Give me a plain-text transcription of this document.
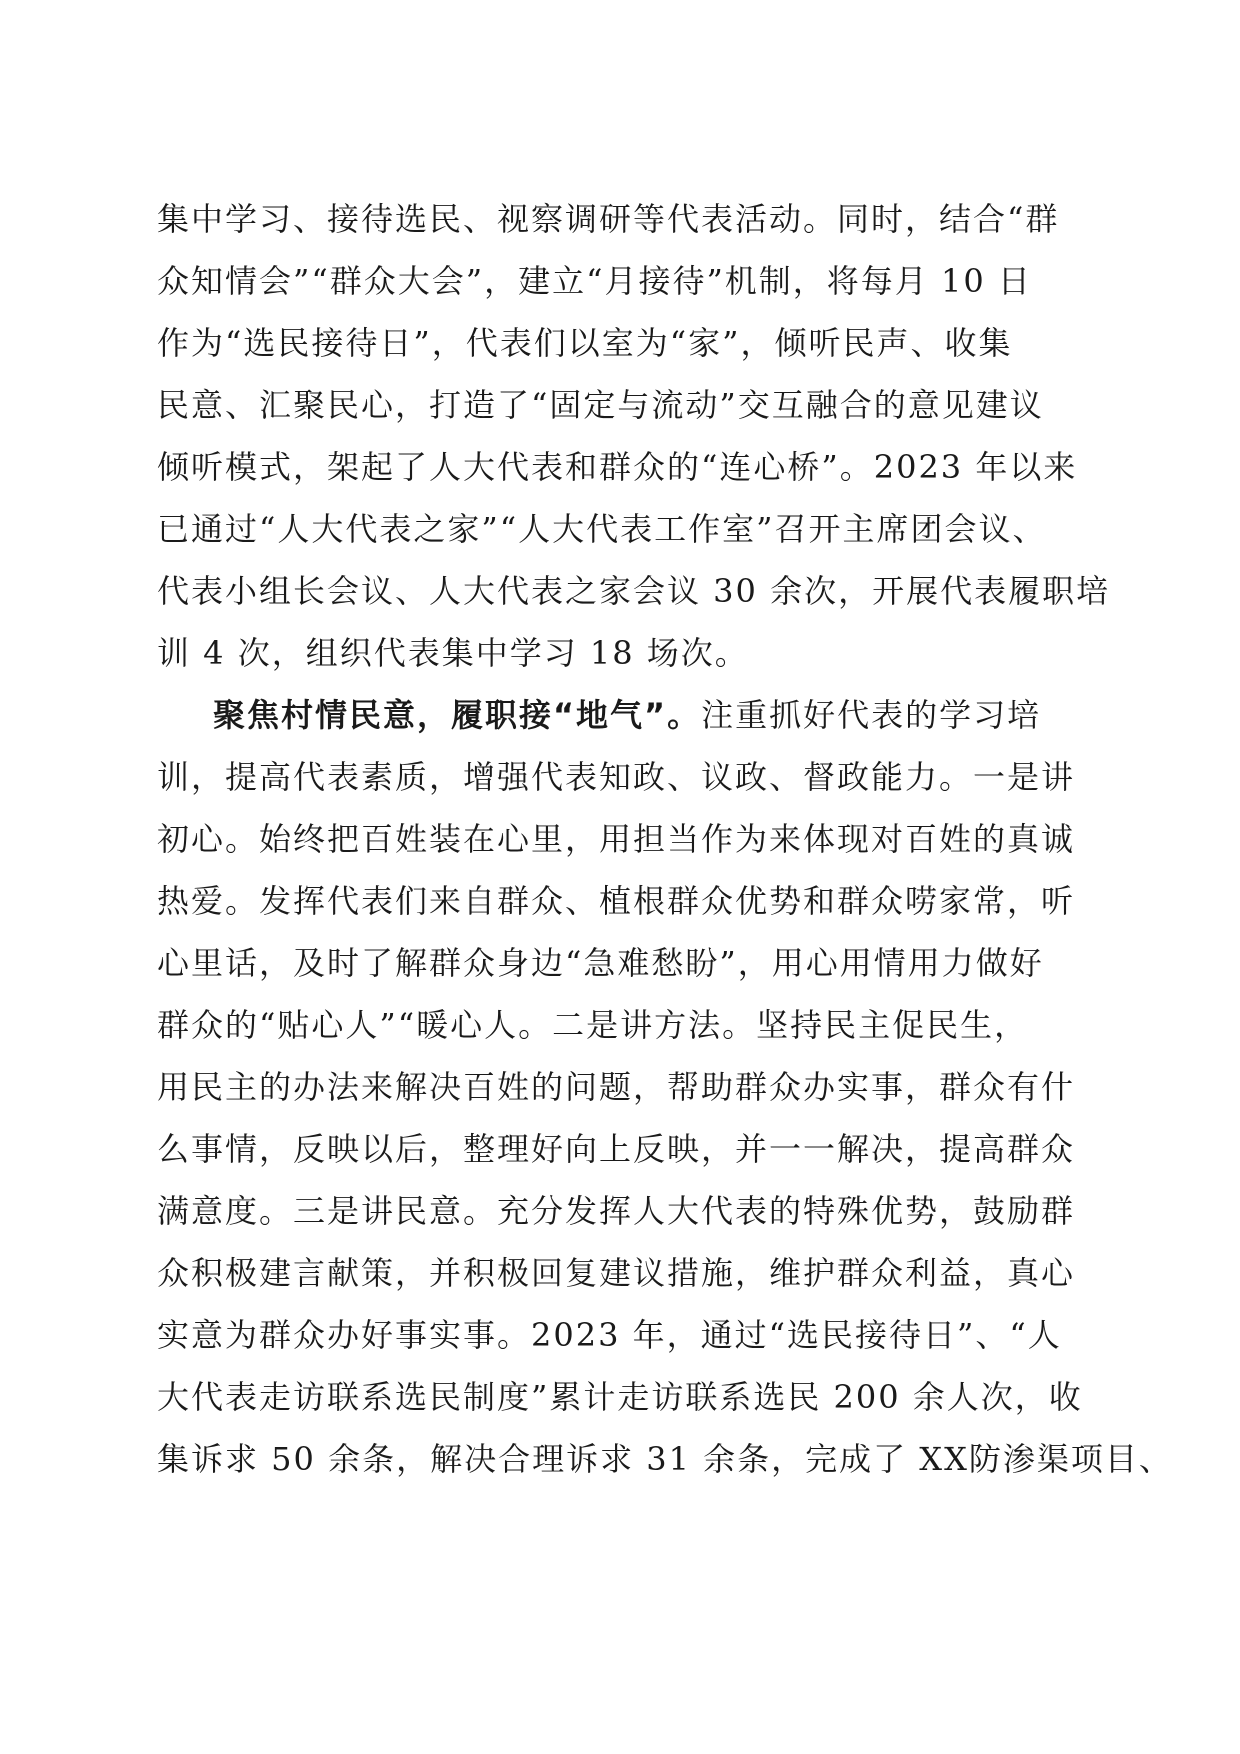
集中学习、接待选民、视察调研等代表活动。同时，结合“群
众知情会”“群众大会”，建立“月接待”机制，将每月 10 日
作为“选民接待日”，代表们以室为“家”，倾听民声、收集
民意、汇聚民心，打造了“固定与流动”交互融合的意见建议
倾听模式，架起了人大代表和群众的“连心桥”。2023 年以来
已通过“人大代表之家”“人大代表工作室”召开主席团会议、
代表小组长会议、人大代表之家会议 30 余次，开展代表履职培
训 4 次，组织代表集中学习 18 场次。
聚焦村情民意，履职接“地气”。注重抓好代表的学习培
训，提高代表素质，增强代表知政、议政、督政能力。一是讲
初心。始终把百姓装在心里，用担当作为来体现对百姓的真诚
热爱。发挥代表们来自群众、植根群众优势和群众唠家常，听
心里话，及时了解群众身边“急难愁盼”，用心用情用力做好
群众的“贴心人”“暖心人。二是讲方法。坚持民主促民生，
用民主的办法来解决百姓的问题，帮助群众办实事，群众有什
么事情，反映以后，整理好向上反映，并一一解决，提高群众
满意度。三是讲民意。充分发挥人大代表的特殊优势，鼓励群
众积极建言献策，并积极回复建议措施，维护群众利益，真心
实意为群众办好事实事。2023 年，通过“选民接待日”、“人
大代表走访联系选民制度”累计走访联系选民 200 余人次，收
集诉求 50 余条，解决合理诉求 31 余条，完成了 XX防渗渠项目、
